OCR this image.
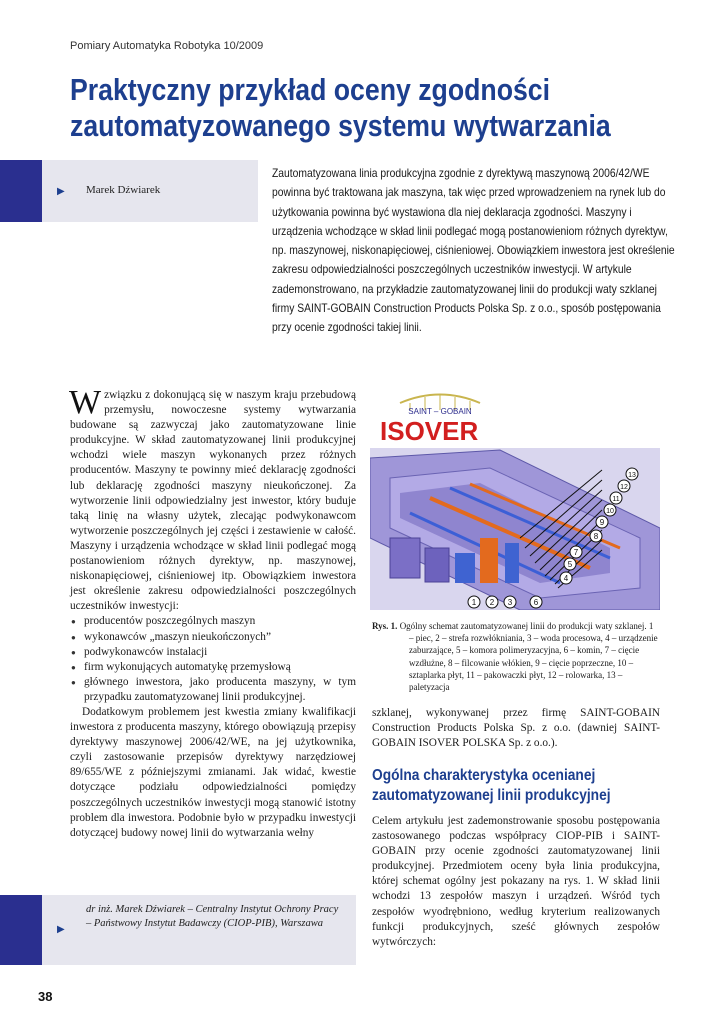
Pomiary Automatyka Robotyka 10/2009
Praktyczny przykład oceny zgodności
zautomatyzowanego systemu wytwarzania
▶ Marek Dźwiarek

Zautomatyzowana linia produkcyjna zgodnie z dyrektywą maszynową 2006/42/WE powinna być traktowana jak maszyna, tak więc przed wprowadzeniem na rynek lub do użytkowania powinna być wystawiona dla niej deklaracja zgodności. Maszyny i urządzenia wchodzące w skład linii podlegać mogą postanowieniom różnych dyrektyw, np. maszynowej, niskonapięciowej, ciśnieniowej. Obowiązkiem inwestora jest określenie zakresu odpowiedzialności poszczególnych uczestników inwestycji. W artykule zademonstrowano, na przykładzie zautomatyzowanej linii do produkcji waty szklanej firmy SAINT-GOBAIN Construction Products Polska Sp. z o.o., sposób postępowania przy ocenie zgodności takiej linii.

W związku z dokonującą się w naszym kraju przebudową przemysłu, nowoczesne systemy wytwarzania budowane są zazwyczaj jako zautomatyzowane linie produkcyjne. W skład zautomatyzowanej linii produkcyjnej wchodzi wiele maszyn wykonanych przez różnych producentów. Maszyny te powinny mieć deklarację zgodności lub deklarację zgodności maszyny nieukończonej. Za wytworzenie linii odpowiedzialny jest inwestor, który buduje taką linię na własny użytek, zlecając podwykonawcom wytworzenie poszczególnych jej części i zestawienie w całość. Maszyny i urządzenia wchodzące w skład linii podlegać mogą postanowieniom różnych dyrektyw, np. maszynowej, niskonapięciowej, ciśnieniowej itp. Obowiązkiem inwestora jest określenie zakresu odpowiedzialności poszczególnych uczestników inwestycji:

● producentów poszczególnych maszyn
● wykonawców „maszyn nieukończonych”
● podwykonawców instalacji
● firm wykonujących automatykę przemysłową
● głównego inwestora, jako producenta maszyny, w tym przypadku zautomatyzowanej linii produkcyjnej.

Dodatkowym problemem jest kwestia zmiany kwalifikacji inwestora z producenta maszyny, którego obowiązują przepisy dyrektywy maszynowej 2006/42/WE, na jej użytkownika, czyli zastosowanie przepisów dyrektywy narzędziowej 89/655/WE z późniejszymi zmianami. Jak widać, kwestie dotyczące podziału odpowiedzialności pomiędzy poszczególnych uczestników inwestycji mogą stanowić istotny problem dla inwestora. Podobnie było w przypadku inwestycji dotyczącej budowy nowej linii do wytwarzania wełny

SAINT – GOBAIN
ISOVER
1 2 3
4
5
6
7
8
9
10
11
12
13
Rys. 1. Ogólny schemat zautomatyzowanej linii do produkcji waty szklanej. 1 – piec, 2 – strefa rozwłókniania, 3 – woda procesowa, 4 – urządzenie zaburzające, 5 – komora polimeryzacyjna, 6 – komin, 7 – cięcie wzdłużne, 8 – filcowanie włókien, 9 – cięcie poprzeczne, 10 – sztaplarka płyt, 11 – pakowaczki płyt, 12 – rolowarka, 13 – paletyzacja

szklanej, wykonywanej przez firmę SAINT-GOBAIN Construction Products Polska Sp. z o.o. (dawniej SAINT-GOBAIN ISOVER POLSKA Sp. z o.o.).

Ogólna charakterystyka ocenianej
zautomatyzowanej linii produkcyjnej

Celem artykułu jest zademonstrowanie sposobu postępowania zastosowanego podczas współpracy CIOP-PIB i SAINT-GOBAIN przy ocenie zgodności zautomatyzowanej linii produkcyjnej. Przedmiotem oceny była linia produkcyjna, której schemat ogólny jest pokazany na rys. 1. W skład linii wchodzi 13 zespołów maszyn i urządzeń. Wśród tych zespołów wyodrębniono, według kryterium realizowanych funkcji produkcyjnych, sześć głównych zespołów wytwórczych:

▶
dr inż. Marek Dźwiarek – Centralny Instytut Ochrony Pracy – Państwowy Instytut Badawczy (CIOP-PIB), Warszawa
38
